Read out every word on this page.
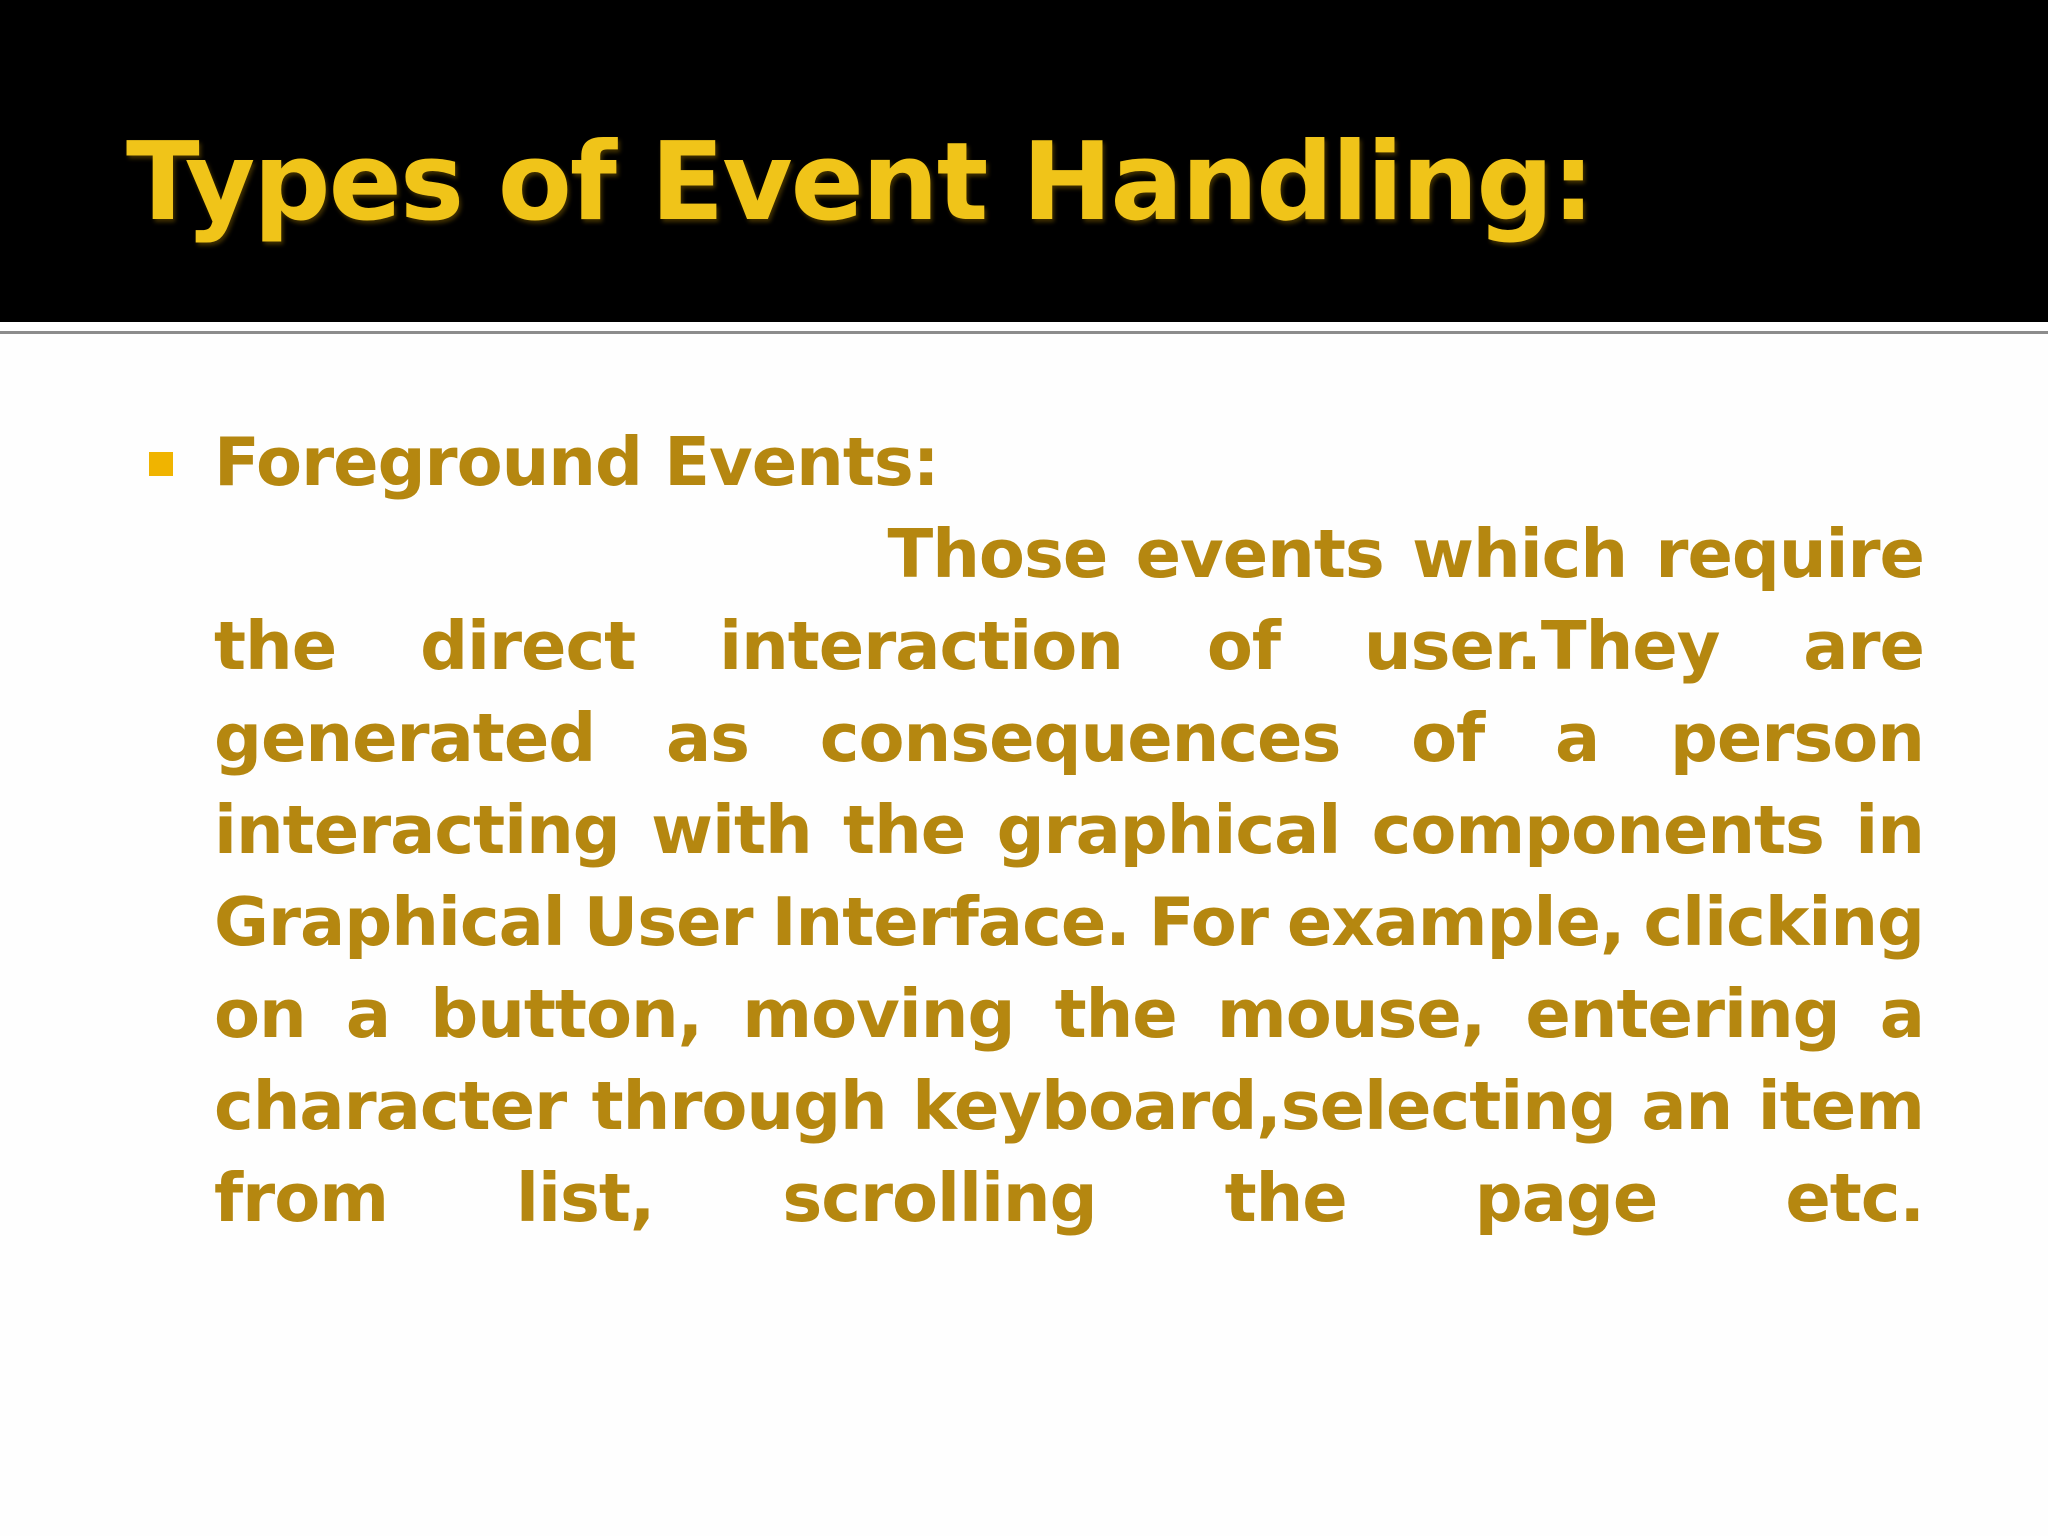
Types of Event Handling:

Foreground Events:

Those events which require

the direct interaction of user.They are
generated as consequences of a person
interacting with the graphical components in
Graphical User Interface. For example, clicking
on a button, moving the mouse, entering a
character through keyboard,selecting an item
from list, scrolling the page etc.
